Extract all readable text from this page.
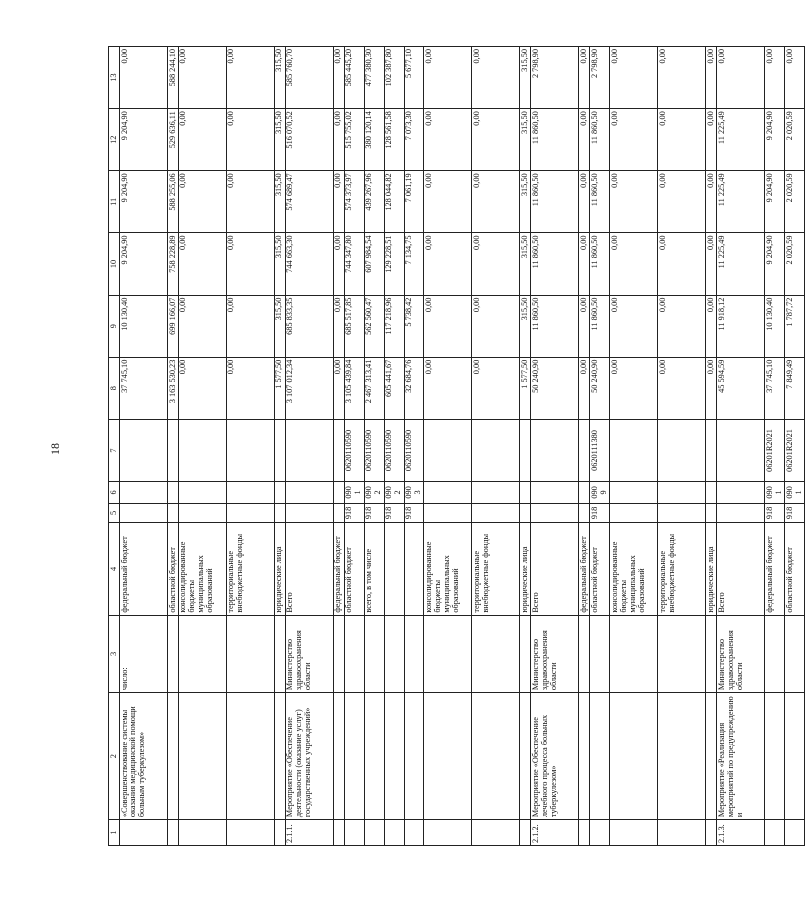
18
1	2	3	4	5	6	7	8	9	10	11	12	13
	«Совершенствование системы оказания медицинской помощи больным туберкулезом»	число:	федеральный бюджет				37 745,10	10 130,40	9 204,90	9 204,90	9 204,90	0,00
			областной бюджет				3 163 530,23	699 166,07	758 228,89	588 255,06	529 636,11	588 244,10
			консолидированные бюджеты муниципальных образований				0,00	0,00	0,00	0,00	0,00	0,00
			территориальные внебюджетные фонды				0,00	0,00	0,00	0,00	0,00	0,00
			юридические лица				1 577,50	315,50	315,50	315,50	315,50	315,50
2.1.1.	Мероприятие «Обеспечение деятельности (оказание услуг) государственных учреждений»	Министерство здравоохранения области	Всего				3 107 012,34	685 833,35	744 663,30	574 689,47	516 070,52	585 760,70
			федеральный бюджет				0,00	0,00	0,00	0,00	0,00	0,00
			областной бюджет	918	0901	0620110590	3 105 439,84	685 517,85	744 347,80	574 373,97	515 755,02	585 445,20
			всего, в том числе	918	0902	0620110590	2 467 313,41	562 560,47	607 984,54	439 267,96	380 120,14	477 380,30
				918	0902	0620110590	605 441,67	117 218,96	129 228,51	128 044,82	128 561,58	102 387,80
				918	0903	0620110590	32 684,76	5 738,42	7 134,75	7 061,19	7 073,30	5 677,10
			консолидированные бюджеты муниципальных образований				0,00	0,00	0,00	0,00	0,00	0,00
			территориальные внебюджетные фонды				0,00	0,00	0,00	0,00	0,00	0,00
			юридические лица				1 577,50	315,50	315,50	315,50	315,50	315,50
2.1.2.	Мероприятие «Обеспечение лечебного процесса больных туберкулезом»	Министерство здравоохранения области	Всего				50 240,90	11 860,50	11 860,50	11 860,50	11 860,50	2 798,90
			федеральный бюджет				0,00	0,00	0,00	0,00	0,00	0,00
			областной бюджет	918	0909	0620111380	50 240,90	11 860,50	11 860,50	11 860,50	11 860,50	2 798,90
			консолидированные бюджеты муниципальных образований				0,00	0,00	0,00	0,00	0,00	0,00
			территориальные внебюджетные фонды				0,00	0,00	0,00	0,00	0,00	0,00
			юридические лица				0,00	0,00	0,00	0,00	0,00	0,00
2.1.3.	Мероприятие «Реализация мероприятий по предупреждению и	Министерство здравоохранения области	Всего				45 594,59	11 918,12	11 225,49	11 225,49	11 225,49	0,00
			федеральный бюджет	918	0901	06201R2021	37 745,10	10 130,40	9 204,90	9 204,90	9 204,90	0,00
			областной бюджет	918	0901	06201R2021	7 849,49	1 787,72	2 020,59	2 020,59	2 020,59	0,00
